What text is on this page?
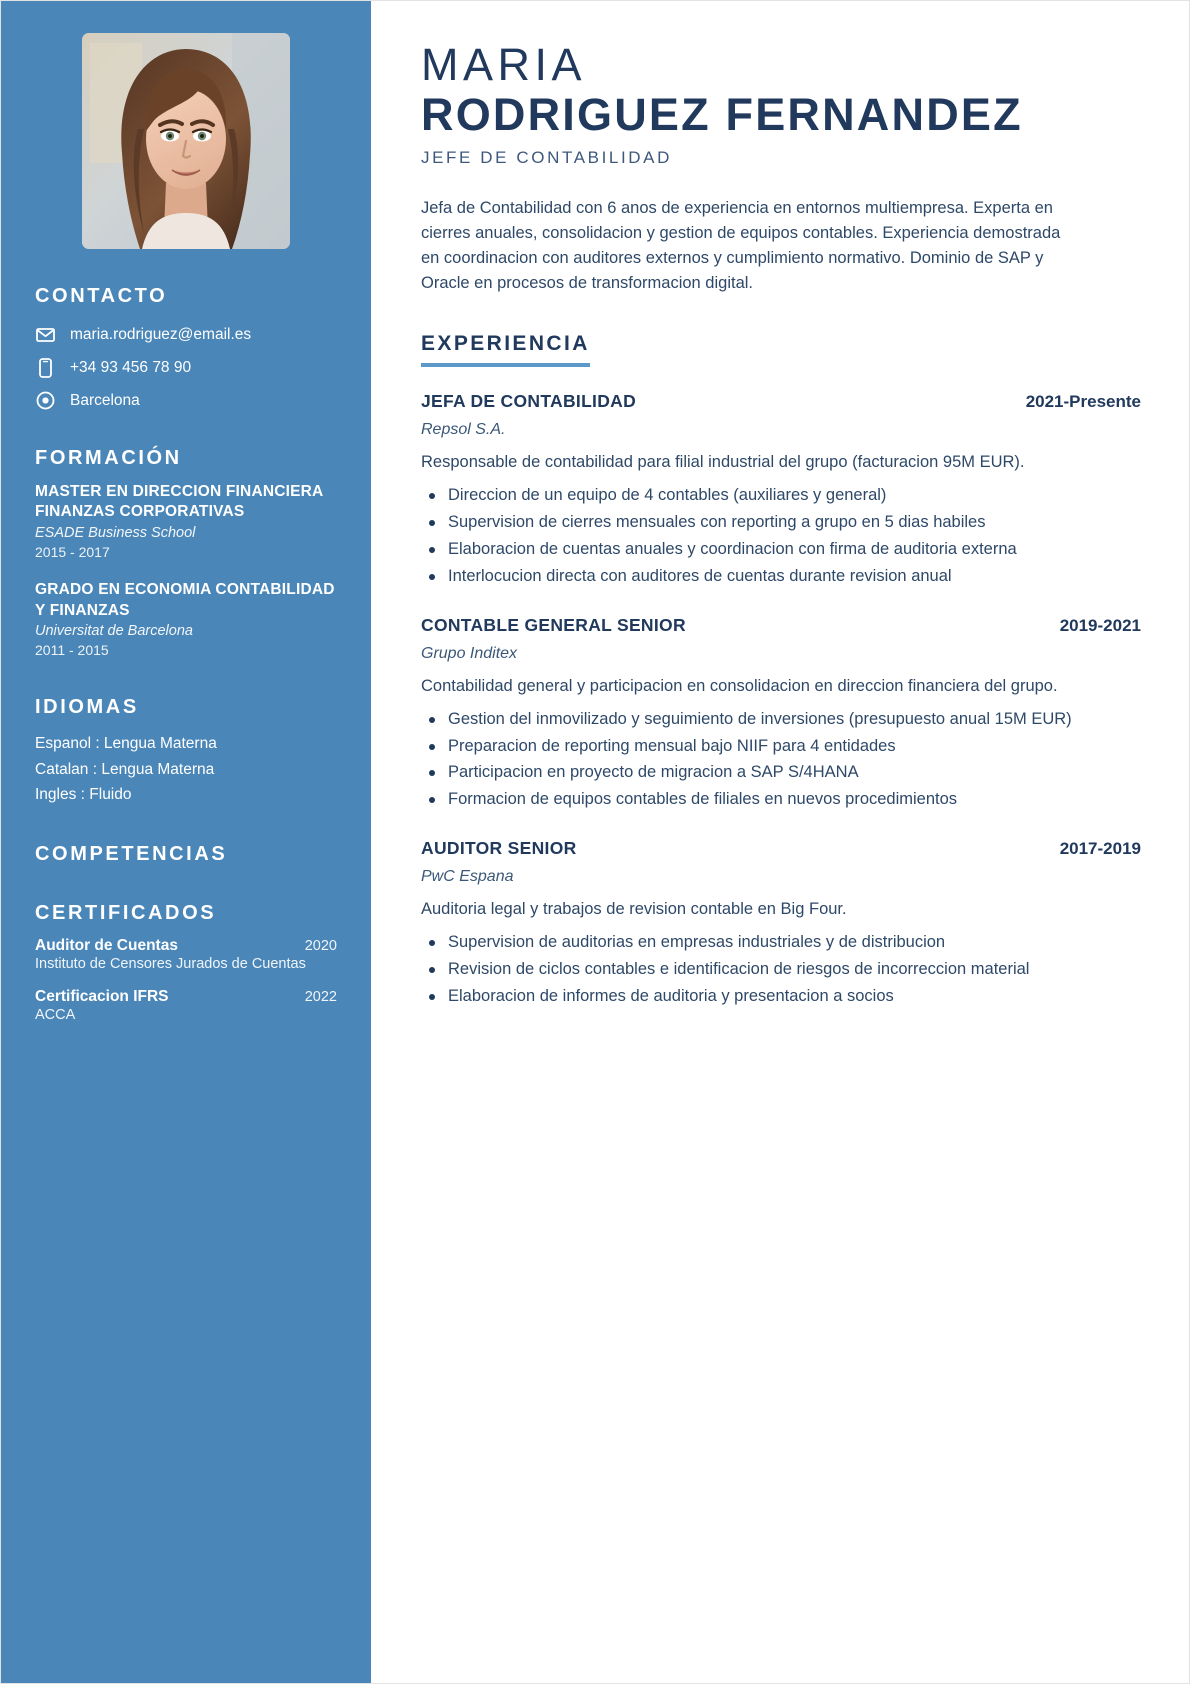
CONTACTO
maria.rodriguez@email.es
+34 93 456 78 90
Barcelona
FORMACIÓN
MASTER EN DIRECCION FINANCIERA FINANZAS CORPORATIVAS
ESADE Business School
2015 - 2017
GRADO EN ECONOMIA CONTABILIDAD Y FINANZAS
Universitat de Barcelona
2011 - 2015
IDIOMAS
Espanol : Lengua Materna
Catalan : Lengua Materna
Ingles : Fluido
COMPETENCIAS
CERTIFICADOS
Auditor de Cuentas	2020
Instituto de Censores Jurados de Cuentas
Certificacion IFRS	2022
ACCA
MARIA
RODRIGUEZ FERNANDEZ
JEFE DE CONTABILIDAD

Jefa de Contabilidad con 6 anos de experiencia en entornos multiempresa. Experta en cierres anuales, consolidacion y gestion de equipos contables. Experiencia demostrada en coordinacion con auditores externos y cumplimiento normativo. Dominio de SAP y Oracle en procesos de transformacion digital.

EXPERIENCIA
JEFA DE CONTABILIDAD	2021-Presente
Repsol S.A.
Responsable de contabilidad para filial industrial del grupo (facturacion 95M EUR).
Direccion de un equipo de 4 contables (auxiliares y general)
Supervision de cierres mensuales con reporting a grupo en 5 dias habiles
Elaboracion de cuentas anuales y coordinacion con firma de auditoria externa
Interlocucion directa con auditores de cuentas durante revision anual
CONTABLE GENERAL SENIOR	2019-2021
Grupo Inditex
Contabilidad general y participacion en consolidacion en direccion financiera del grupo.
Gestion del inmovilizado y seguimiento de inversiones (presupuesto anual 15M EUR)
Preparacion de reporting mensual bajo NIIF para 4 entidades
Participacion en proyecto de migracion a SAP S/4HANA
Formacion de equipos contables de filiales en nuevos procedimientos
AUDITOR SENIOR	2017-2019
PwC Espana
Auditoria legal y trabajos de revision contable en Big Four.
Supervision de auditorias en empresas industriales y de distribucion
Revision de ciclos contables e identificacion de riesgos de incorreccion material
Elaboracion de informes de auditoria y presentacion a socios
